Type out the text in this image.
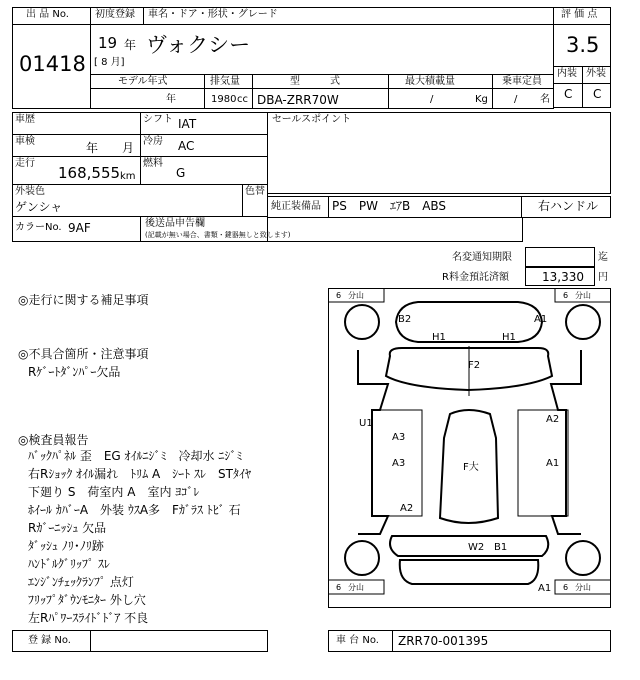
出 品 No.
01418
初度登録 車名・ドア・形状・グレード
19 年
[ 8 月]
ヴォクシー
評 価 点
3.5
内装 外装
C C
モデル年式	排気量	型　　　式	最大積載量	乗車定員
年	1980 cc DBA-ZRR70W	/	Kg	/ 名
車歴	シフト IAT
車検	年 月 冷房 AC
走行
168,555 km
燃料
G
外装色
ゲンシャ
色替
カラーNo. 9AF	後送品申告欄
(記載が無い場合、書類・鍵器無しと致します)
セールスポイント
純正装備品 PS　PW　ｴｱB　ABS	右ハンドル
名変通知期限	迄
R料金預託済額	13,330 円
◎走行に関する補足事項
◎不具合箇所・注意事項
Rｹﾞｰﾄﾀﾞﾝﾊﾟｰ欠品
◎検査員報告
ﾊﾞｯｸﾊﾟﾈﾙ 歪　EG ｵｲﾙﾆｼﾞﾐ　冷却水 ﾆｼﾞﾐ
右Rｼｮｯｸ ｵｲﾙ漏れ　ﾄﾘﾑ A　ｼｰﾄ ｽﾚ　STﾀｲﾔ
下廻り S　荷室内 A　室内 ﾖｺﾞﾚ
ﾎｲｰﾙ ｶﾊﾞｰA　外装 ｳｽA多　Fｶﾞﾗｽ ﾄﾋﾞ 石
Rｶﾞｰﾆｯｼｭ 欠品
ﾀﾞｯｼｭ ﾉﾘ･ﾉﾘ跡
ﾊﾝﾄﾞﾙｸﾞﾘｯﾌﾟ ｽﾚ
ｴﾝｼﾞﾝﾁｪｯｸﾗﾝﾌﾟ 点灯
ﾌﾘｯﾌﾟﾀﾞｳﾝﾓﾆﾀｰ 外し穴
左Rﾊﾟﾜｰｽﾗｲﾄﾞﾄﾞｱ 不良
B2	A1
H1	H1
F2
U1	A2
A3
A3	F大	A1
A2
W2 B1
A1
6 分山	6 分山
6 分山	6 分山
登 録 No.	車 台 No. ZRR70-001395
